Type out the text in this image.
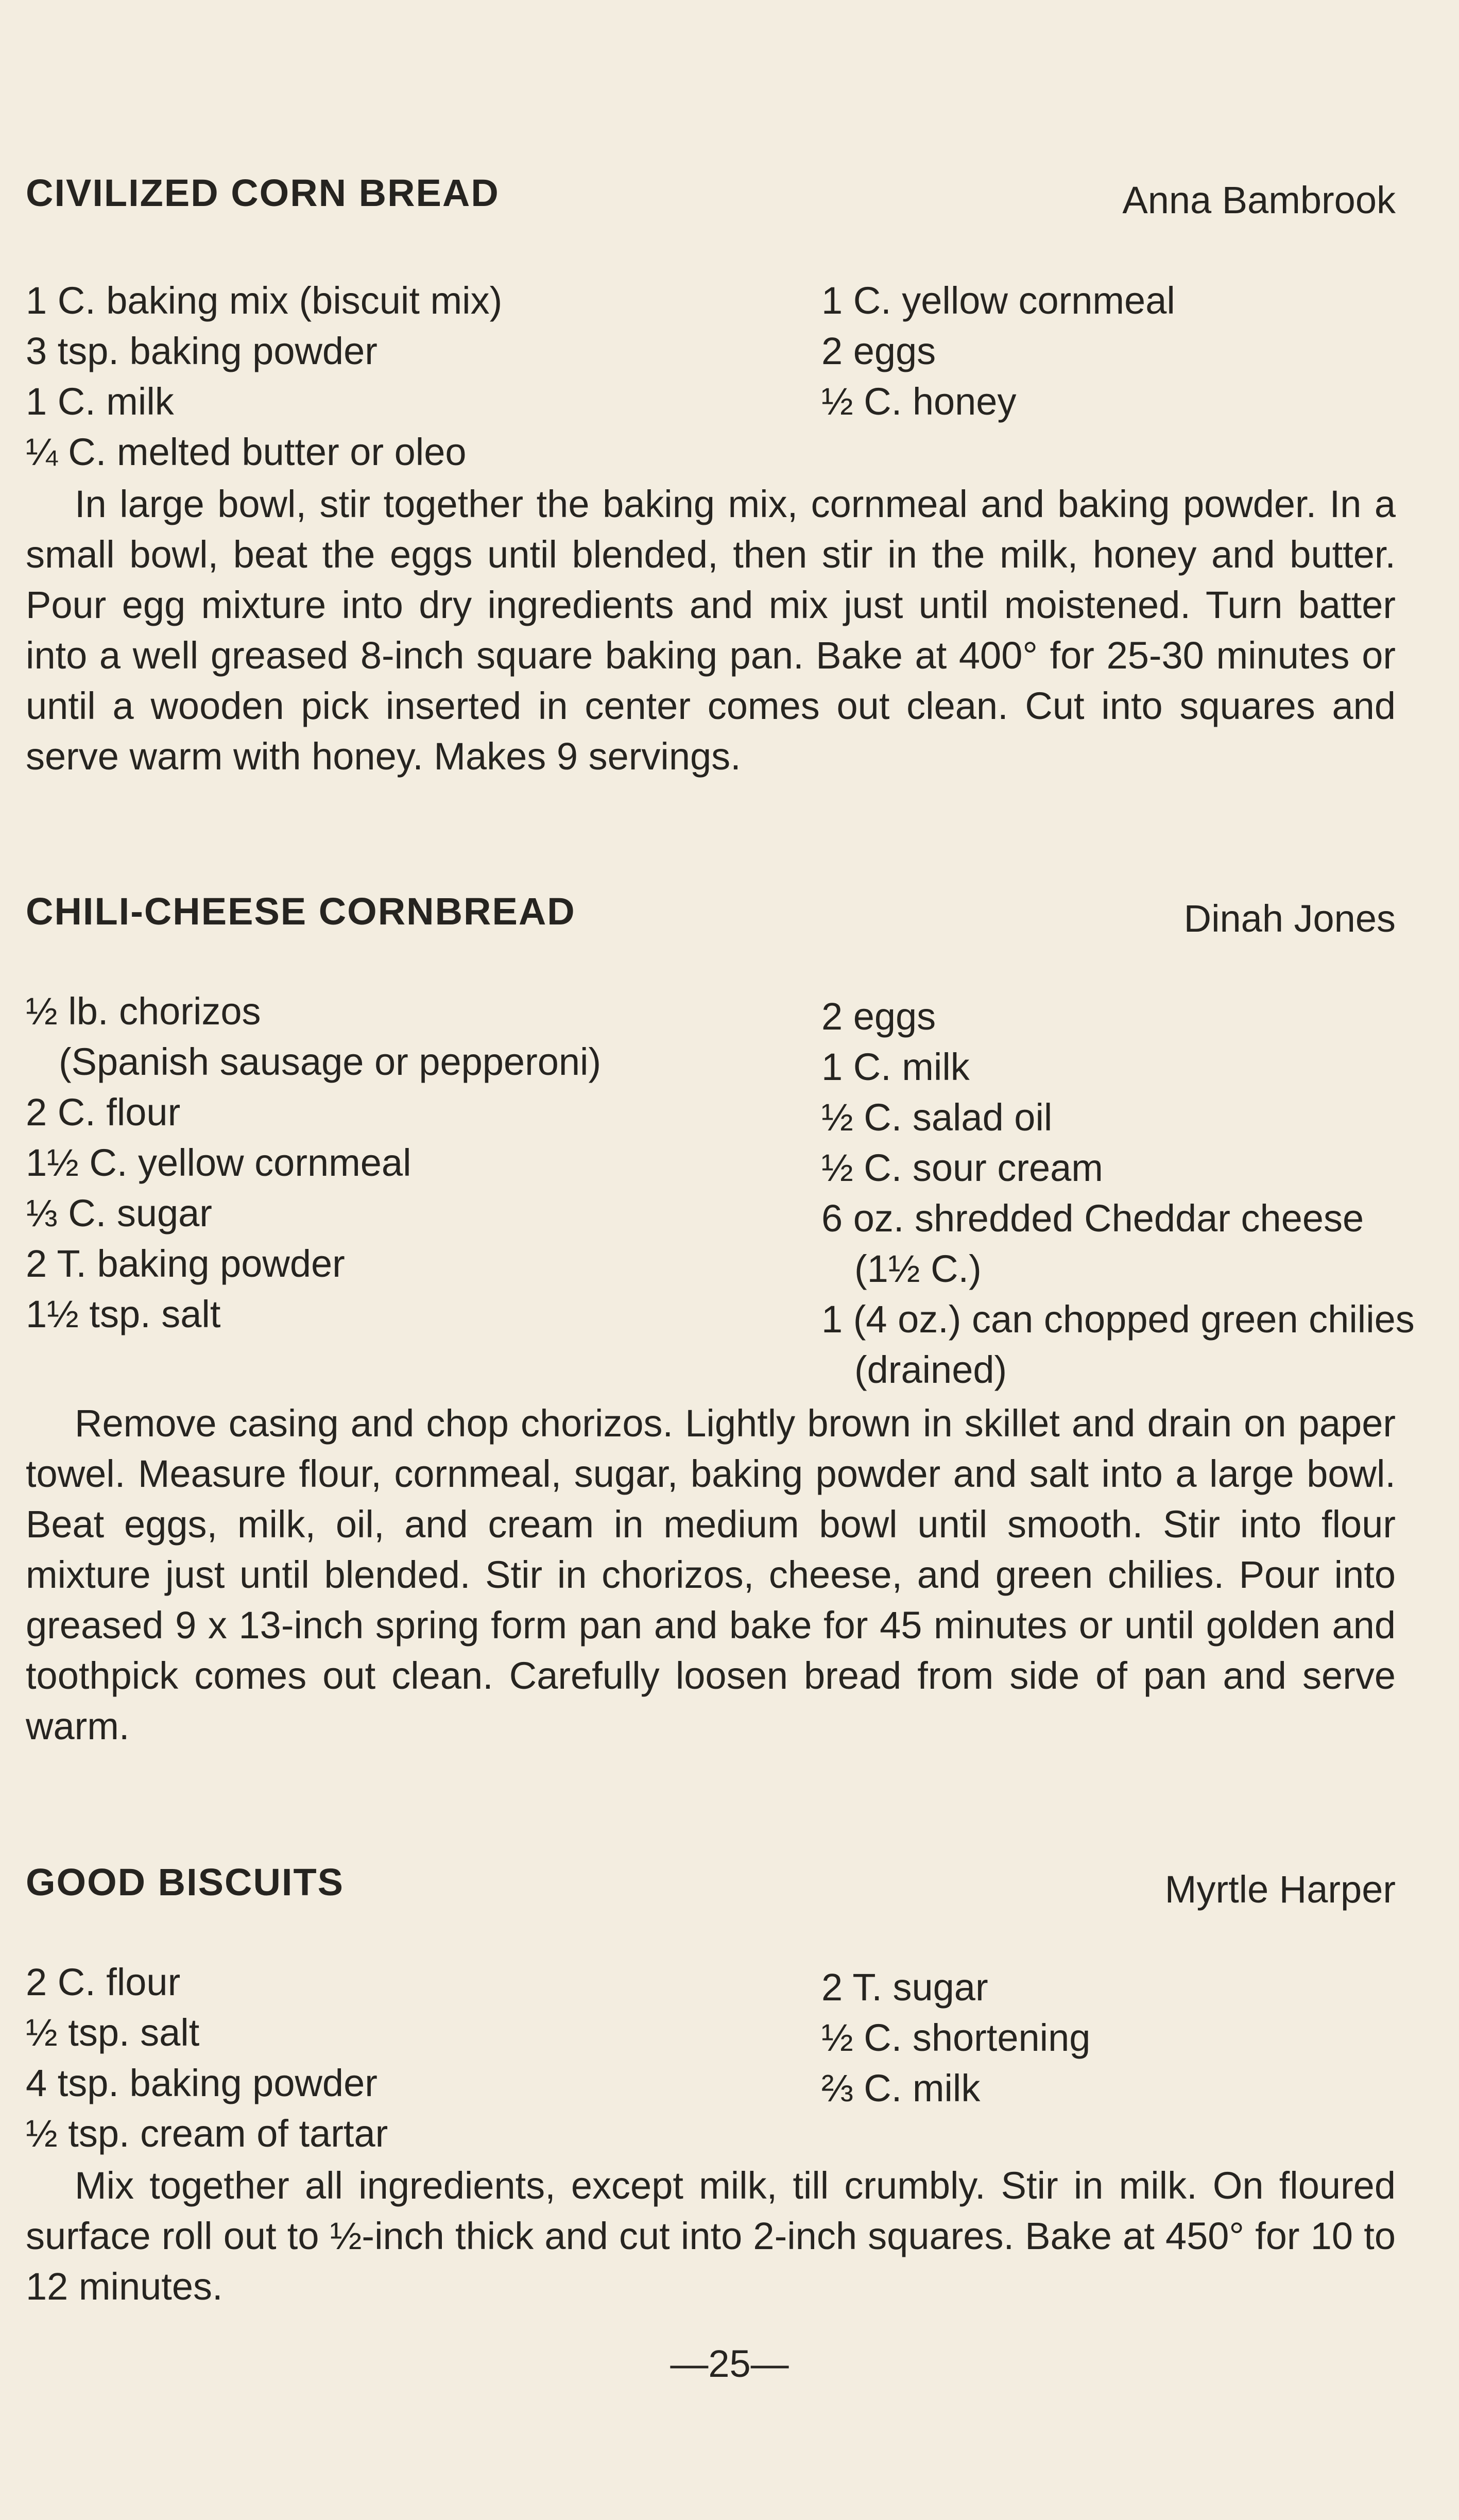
CIVILIZED CORN BREAD	Anna Bambrook
1 C. baking mix (biscuit mix)
3 tsp. baking powder
1 C. milk
¼ C. melted butter or oleo
1 C. yellow cornmeal
2 eggs
½ C. honey

In large bowl, stir together the baking mix, cornmeal and baking powder. In a small bowl, beat the eggs until blended, then stir in the milk, honey and butter. Pour egg mixture into dry ingredients and mix just until moistened. Turn batter into a well greased 8-inch square baking pan. Bake at 400° for 25-30 minutes or until a wooden pick inserted in center comes out clean. Cut into squares and serve warm with honey. Makes 9 servings.

CHILI-CHEESE CORNBREAD	Dinah Jones
½ lb. chorizos
(Spanish sausage or pepperoni)
2 C. flour
1½ C. yellow cornmeal
⅓ C. sugar
2 T. baking powder
1½ tsp. salt
2 eggs
1 C. milk
½ C. salad oil
½ C. sour cream
6 oz. shredded Cheddar cheese
(1½ C.)
1 (4 oz.) can chopped green chilies
(drained)

Remove casing and chop chorizos. Lightly brown in skillet and drain on paper towel. Measure flour, cornmeal, sugar, baking powder and salt into a large bowl. Beat eggs, milk, oil, and cream in medium bowl until smooth. Stir into flour mixture just until blended. Stir in chorizos, cheese, and green chilies. Pour into greased 9 x 13-inch spring form pan and bake for 45 minutes or until golden and toothpick comes out clean. Carefully loosen bread from side of pan and serve warm.

GOOD BISCUITS	Myrtle Harper
2 C. flour
½ tsp. salt
4 tsp. baking powder
½ tsp. cream of tartar
2 T. sugar
½ C. shortening
⅔ C. milk

Mix together all ingredients, except milk, till crumbly. Stir in milk. On floured surface roll out to ½-inch thick and cut into 2-inch squares. Bake at 450° for 10 to 12 minutes.

—25—
